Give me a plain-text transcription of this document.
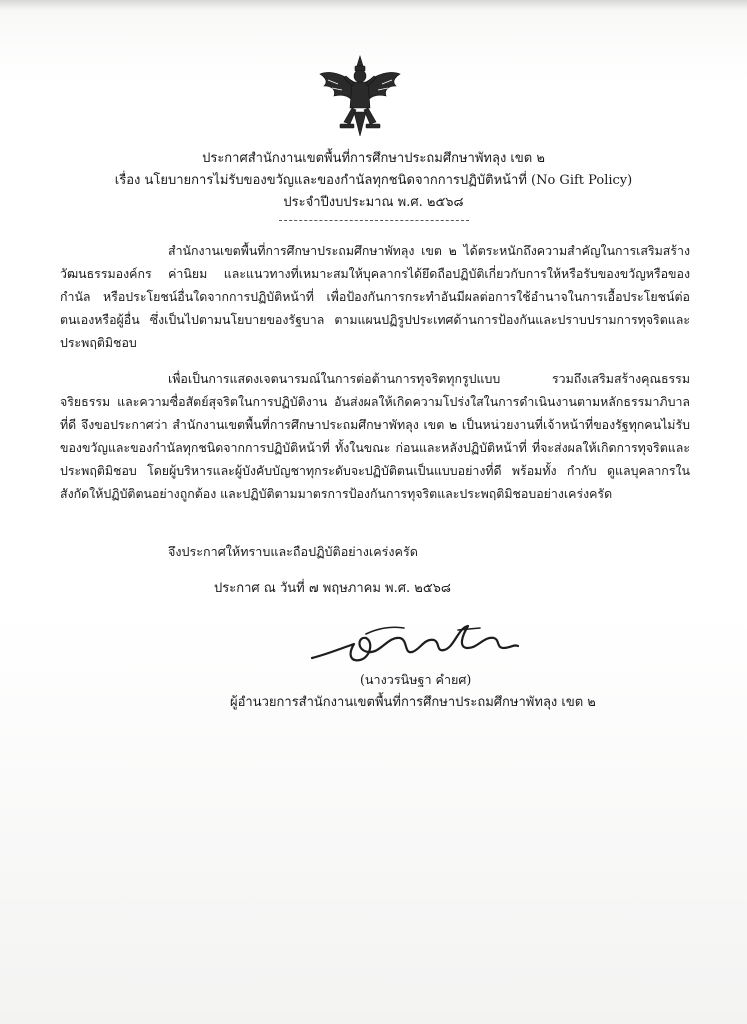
ประกาศสำนักงานเขตพื้นที่การศึกษาประถมศึกษาพัทลุง เขต ๒
เรื่อง นโยบายการไม่รับของขวัญและของกำนัลทุกชนิดจากการปฏิบัติหน้าที่ (No Gift Policy)
ประจำปีงบประมาณ พ.ศ. ๒๕๖๘

สำนักงานเขตพื้นที่การศึกษาประถมศึกษาพัทลุง เขต ๒ ได้ตระหนักถึงความสำคัญในการเสริมสร้างวัฒนธรรมองค์กร ค่านิยม และแนวทางที่เหมาะสมให้บุคลากรได้ยึดถือปฏิบัติเกี่ยวกับการให้หรือรับของขวัญหรือของกำนัล หรือประโยชน์อื่นใดจากการปฏิบัติหน้าที่ เพื่อป้องกันการกระทำอันมีผลต่อการใช้อำนาจในการเอื้อประโยชน์ต่อตนเองหรือผู้อื่น ซึ่งเป็นไปตามนโยบายของรัฐบาล ตามแผนปฏิรูปประเทศด้านการป้องกันและปราบปรามการทุจริตและประพฤติมิชอบ

เพื่อเป็นการแสดงเจตนารมณ์ในการต่อต้านการทุจริตทุกรูปแบบ รวมถึงเสริมสร้างคุณธรรม จริยธรรม และความซื่อสัตย์สุจริตในการปฏิบัติงาน อันส่งผลให้เกิดความโปร่งใสในการดำเนินงานตามหลักธรรมาภิบาลที่ดี จึงขอประกาศว่า สำนักงานเขตพื้นที่การศึกษาประถมศึกษาพัทลุง เขต ๒ เป็นหน่วยงานที่เจ้าหน้าที่ของรัฐทุกคนไม่รับของขวัญและของกำนัลทุกชนิดจากการปฏิบัติหน้าที่ ทั้งในขณะ ก่อนและหลังปฏิบัติหน้าที่ ที่จะส่งผลให้เกิดการทุจริตและประพฤติมิชอบ โดยผู้บริหารและผู้บังคับบัญชาทุกระดับจะปฏิบัติตนเป็นแบบอย่างที่ดี พร้อมทั้ง กำกับ ดูแลบุคลากรในสังกัดให้ปฏิบัติตนอย่างถูกต้อง และปฏิบัติตามมาตรการป้องกันการทุจริตและประพฤติมิชอบอย่างเคร่งครัด

จึงประกาศให้ทราบและถือปฏิบัติอย่างเคร่งครัด
ประกาศ ณ วันที่ ๗ พฤษภาคม พ.ศ. ๒๕๖๘
(นางวรนิษฐา คำยศ)
ผู้อำนวยการสำนักงานเขตพื้นที่การศึกษาประถมศึกษาพัทลุง เขต ๒
